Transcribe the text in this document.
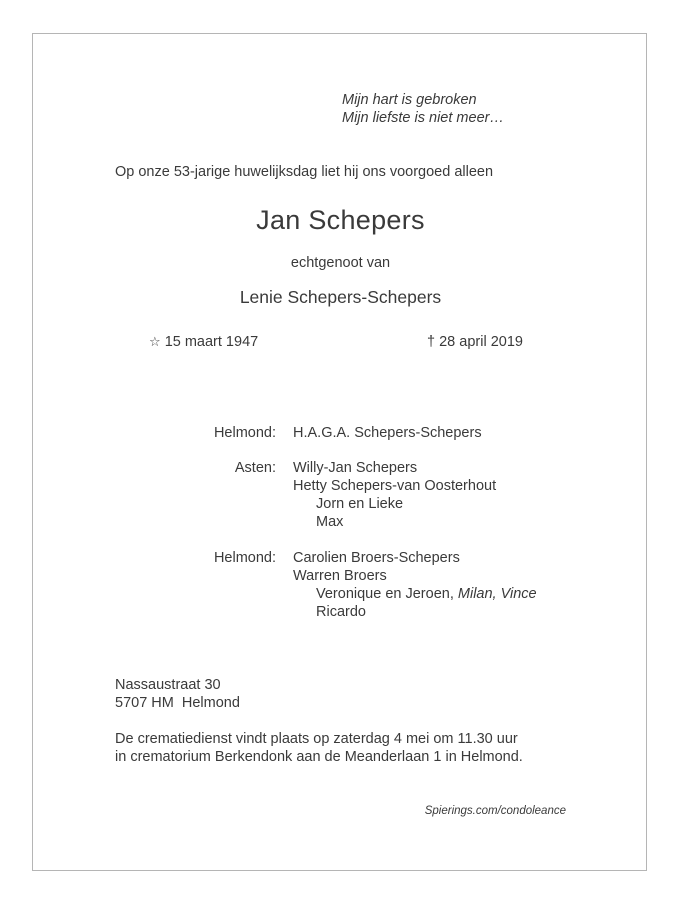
Mijn hart is gebroken
Mijn liefste is niet meer…
Op onze 53-jarige huwelijksdag liet hij ons voorgoed alleen
Jan Schepers
echtgenoot van
Lenie Schepers-Schepers
☆ 15 maart 1947	† 28 april 2019
Helmond: H.A.G.A. Schepers-Schepers
Asten: Willy-Jan Schepers
Hetty Schepers-van Oosterhout
Jorn en Lieke
Max
Helmond: Carolien Broers-Schepers
Warren Broers
Veronique en Jeroen, Milan, Vince
Ricardo
Nassaustraat 30
5707 HM  Helmond
De crematiedienst vindt plaats op zaterdag 4 mei om 11.30 uur
in crematorium Berkendonk aan de Meanderlaan 1 in Helmond.
Spierings.com/condoleance
